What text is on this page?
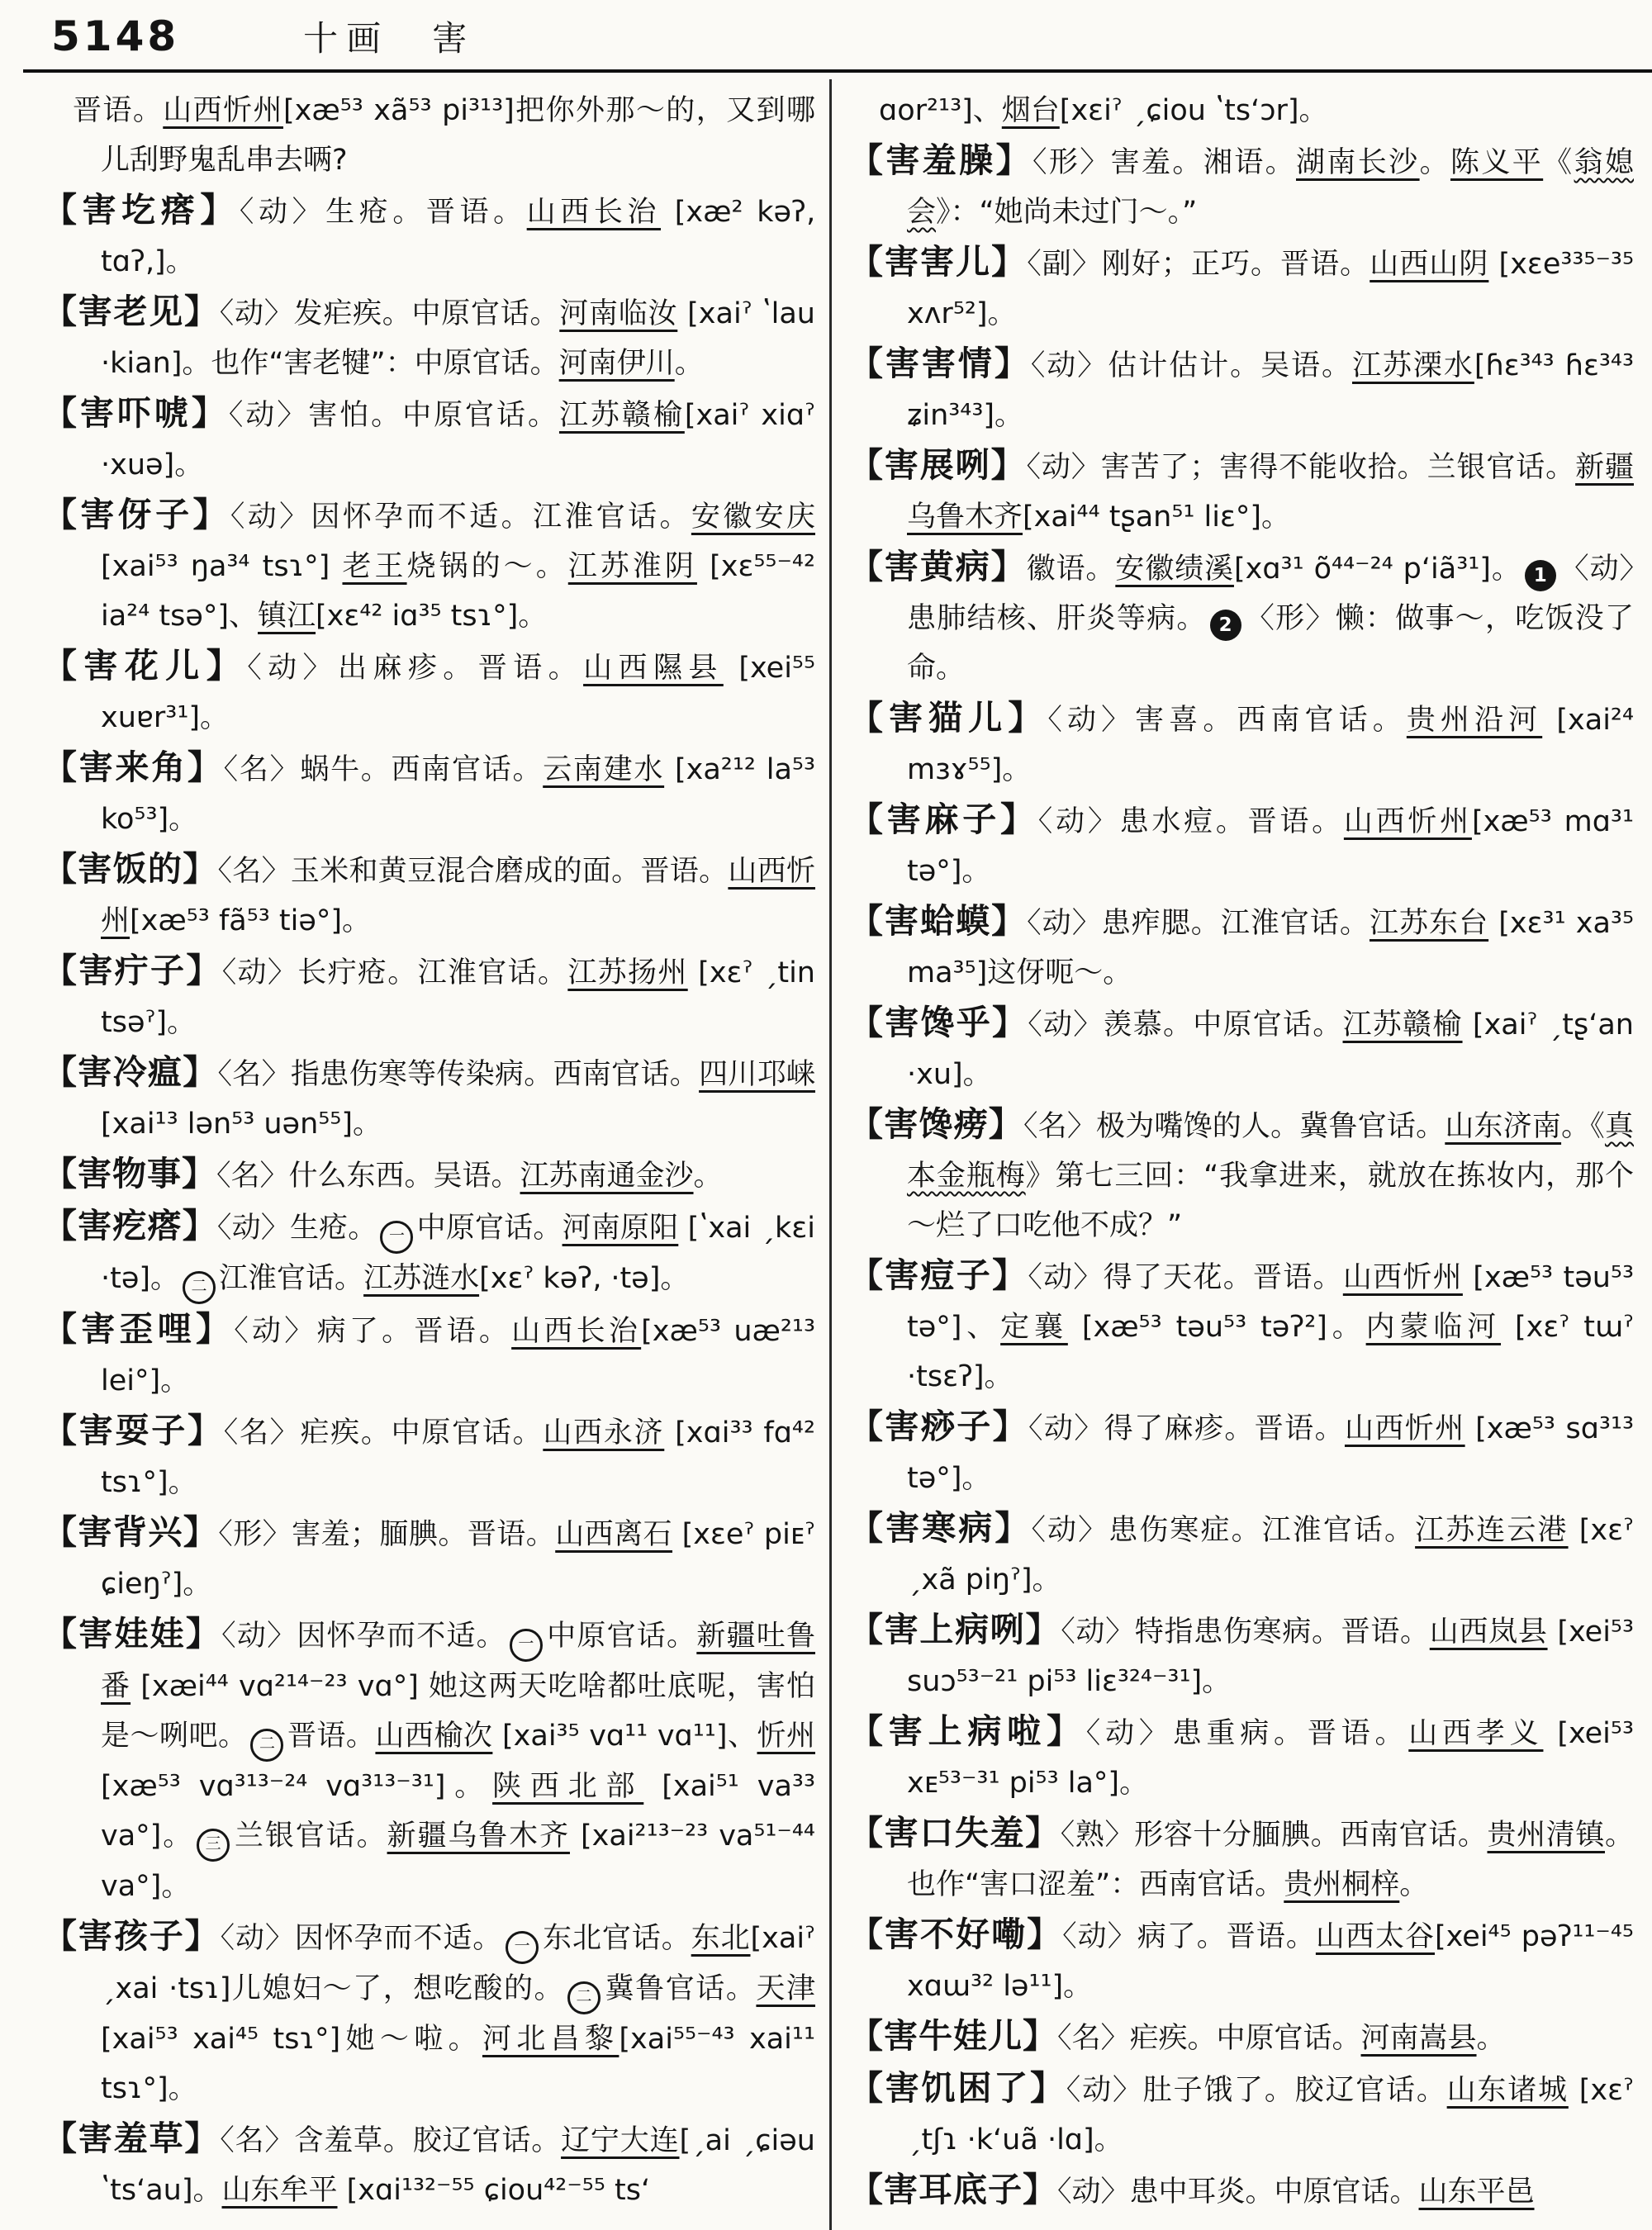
5148	十画 害
晋语。山西忻州[xæ⁵³ xã⁵³ pi³¹³]把你外那～的，又到哪儿刮野鬼乱串去唡?
【害圪瘩】〈动〉生疮。晋语。山西长治 [xæ² kəʔ‚ tɑʔ‚]。
【害老见】〈动〉发疟疾。中原官话。河南临汝 [xaiˀ ʽlau ·kian]。也作“害老犍”：中原官话。河南伊川。
【害吓唬】〈动〉害怕。中原官话。江苏赣榆[xaiˀ xiɑˀ ·xuə]。
【害伢子】〈动〉因怀孕而不适。江淮官话。安徽安庆 [xai⁵³ ŋa³⁴ tsɿ°] 老王烧锅的～。江苏淮阴 [xɛ⁵⁵⁻⁴² ia²⁴ tsə°]、镇江[xɛ⁴² iɑ³⁵ tsɿ°]。
【害花儿】〈动〉出麻疹。晋语。山西隰县 [xei⁵⁵ xuɐr³¹]。
【害来角】〈名〉蜗牛。西南官话。云南建水 [xa²¹² la⁵³ ko⁵³]。
【害饭的】〈名〉玉米和黄豆混合磨成的面。晋语。山西忻州[xæ⁵³ fã⁵³ tiə°]。
【害疔子】〈动〉长疔疮。江淮官话。江苏扬州 [xɛˀ ˏtin tsəˀ]。
【害冷瘟】〈名〉指患伤寒等传染病。西南官话。四川邛崃[xai¹³ lən⁵³ uən⁵⁵]。
【害物事】〈名〉什么东西。吴语。江苏南通金沙。
【害疙瘩】〈动〉生疮。 一 中原官话。河南原阳 [ʽxai ˏkɛi ·tə]。 二 江淮官话。江苏涟水[xɛˀ kəʔ‚ ·tə]。
【害歪哩】〈动〉病了。晋语。山西长治[xæ⁵³ uæ²¹³ lei°]。
【害耍子】〈名〉疟疾。中原官话。山西永济 [xɑi³³ fɑ⁴² tsɿ°]。
【害背兴】〈形〉害羞；腼腆。晋语。山西离石 [xɛeˀ piᴇˀ ɕieŋˀ]。
【害娃娃】〈动〉因怀孕而不适。 一 中原官话。新疆吐鲁番 [xæi⁴⁴ vɑ²¹⁴⁻²³ vɑ°] 她这两天吃啥都吐底呢，害怕是～咧吧。 二 晋语。山西榆次 [xai³⁵ vɑ¹¹ vɑ¹¹]、忻州 [xæ⁵³ vɑ³¹³⁻²⁴ vɑ³¹³⁻³¹]。陕西北部 [xai⁵¹ va³³ va°]。 三 兰银官话。新疆乌鲁木齐 [xai²¹³⁻²³ va⁵¹⁻⁴⁴ va°]。
【害孩子】〈动〉因怀孕而不适。 一 东北官话。东北[xaiˀ ˏxai ·tsɿ]儿媳妇～了，想吃酸的。 二 冀鲁官话。天津 [xai⁵³ xai⁴⁵ tsɿ°]她～啦。河北昌黎[xai⁵⁵⁻⁴³ xai¹¹ tsɿ°]。
【害羞草】〈名〉含羞草。胶辽官话。辽宁大连[ˏai ˏɕiəu ʽtsʻau]。山东牟平 [xɑi¹³²⁻⁵⁵ ɕiou⁴²⁻⁵⁵ tsʻ
ɑor²¹³]、烟台[xɛiˀ ˏɕiou ʽtsʻɔr]。
【害羞臊】〈形〉害羞。湘语。湖南长沙。陈义平《翁媳会》：“她尚未过门～。”
【害害儿】〈副〉刚好；正巧。晋语。山西山阴 [xɛe³³⁵⁻³⁵ xʌr⁵²]。
【害害情】〈动〉估计估计。吴语。江苏溧水[ɦɛ³⁴³ ɦɛ³⁴³ ʑin³⁴³]。
【害展咧】〈动〉害苦了；害得不能收拾。兰银官话。新疆乌鲁木齐[xai⁴⁴ tʂan⁵¹ liɛ°]。
【害黄病】徽语。安徽绩溪[xɑ³¹ õ⁴⁴⁻²⁴ pʻiã³¹]。 1 〈动〉患肺结核、肝炎等病。 2 〈形〉懒：做事～，吃饭没了命。
【害猫儿】〈动〉害喜。西南官话。贵州沿河 [xai²⁴ mɜɤ⁵⁵]。
【害麻子】〈动〉患水痘。晋语。山西忻州[xæ⁵³ mɑ³¹ tə°]。
【害蛤蟆】〈动〉患痄腮。江淮官话。江苏东台 [xɛ³¹ xa³⁵ ma³⁵]这伢呃～。
【害馋乎】〈动〉羡慕。中原官话。江苏赣榆 [xaiˀ ˏtʂʻan ·xu]。
【害馋痨】〈名〉极为嘴馋的人。冀鲁官话。山东济南。《真本金瓶梅》第七三回：“我拿进来，就放在拣妆内，那个～烂了口吃他不成？”
【害痘子】〈动〉得了天花。晋语。山西忻州 [xæ⁵³ təu⁵³ tə°]、定襄 [xæ⁵³ təu⁵³ təʔ²]。内蒙临河 [xɛˀ tɯˀ ·tsɛʔ]。
【害痧子】〈动〉得了麻疹。晋语。山西忻州 [xæ⁵³ sɑ³¹³ tə°]。
【害寒病】〈动〉患伤寒症。江淮官话。江苏连云港 [xɛˀ ˏxã piŋˀ]。
【害上病咧】〈动〉特指患伤寒病。晋语。山西岚县 [xei⁵³ suɔ⁵³⁻²¹ pi⁵³ liɛ³²⁴⁻³¹]。
【害上病啦】〈动〉患重病。晋语。山西孝义 [xei⁵³ xᴇ⁵³⁻³¹ pi⁵³ la°]。
【害口失羞】〈熟〉形容十分腼腆。西南官话。贵州清镇。也作“害口涩羞”：西南官话。贵州桐梓。
【害不好嘞】〈动〉病了。晋语。山西太谷[xei⁴⁵ pəʔ¹¹⁻⁴⁵ xɑɯ³² lə¹¹]。
【害牛娃儿】〈名〉疟疾。中原官话。河南嵩县。
【害饥困了】〈动〉肚子饿了。胶辽官话。山东诸城 [xɛˀ ˏtʃɿ ·kʻuã ·lɑ]。
【害耳底子】〈动〉患中耳炎。中原官话。山东平邑
